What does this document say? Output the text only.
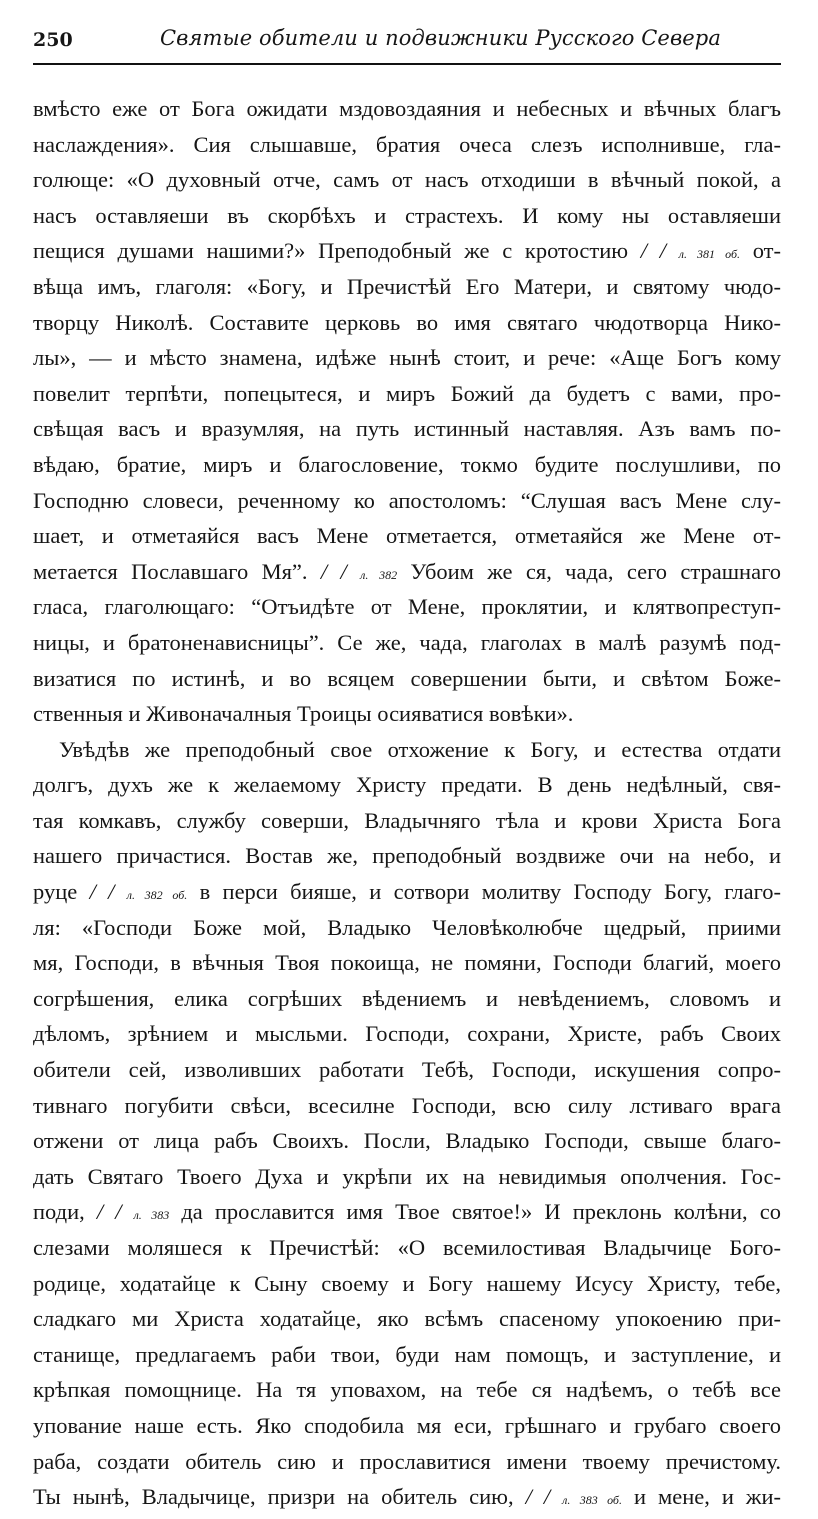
250	Святые обители и подвижники Русского Севера
вмѣсто еже от Бога ожидати мздовоздаяния и небесных и вѣчных благъ
наслаждения». Сия слышавше, братия очеса слезъ исполнивше, гла-
голюще: «О духовный отче, самъ от насъ отходиши в вѣчный покой, а
насъ оставляеши въ скорбѣхъ и страстехъ. И кому ны оставляеши
пещися душами нашими?» Преподобный же с кротостию / / л. 381 об. от-
вѣща имъ, глаголя: «Богу, и Пречистѣй Его Матери, и святому чюдо-
творцу Николѣ. Составите церковь во имя святаго чюдотворца Нико-
лы», — и мѣсто знамена, идѣже нынѣ стоит, и рече: «Аще Богъ кому
повелит терпѣти, попецытеся, и миръ Божий да будетъ с вами, про-
свѣщая васъ и вразумляя, на путь истинный наставляя. Азъ вамъ по-
вѣдаю, братие, миръ и благословение, токмо будите послушливи, по
Господню словеси, реченному ко апостоломъ: “Слушая васъ Мене слу-
шает, и отметаяйся васъ Мене отметается, отметаяйся же Мене от-
метается Пославшаго Мя”. / / л. 382 Убоим же ся, чада, сего страшнаго
гласа, глаголющаго: “Отъидѣте от Мене, проклятии, и клятвопреступ-
ницы, и братоненависницы”. Се же, чада, глаголах в малѣ разумѣ под-
визатися по истинѣ, и во всяцем совершении быти, и свѣтом Боже-
ственныя и Живоначалныя Троицы осияватися вовѣки».
Увѣдѣв же преподобный свое отхожение к Богу, и естества отдати
долгъ, духъ же к желаемому Христу предати. В день недѣлный, свя-
тая комкавъ, службу соверши, Владычняго тѣла и крови Христа Бога
нашего причастися. Востав же, преподобный воздвиже очи на небо, и
руце / / л. 382 об. в перси бияше, и сотвори молитву Господу Богу, глаго-
ля: «Господи Боже мой, Владыко Человѣколюбче щедрый, приими
мя, Господи, в вѣчныя Твоя покоища, не помяни, Господи благий, моего
согрѣшения, елика согрѣших вѣдениемъ и невѣдениемъ, словомъ и
дѣломъ, зрѣнием и мысльми. Господи, сохрани, Христе, рабъ Своих
обители сей, изволивших работати Тебѣ, Господи, искушения сопро-
тивнаго погубити свѣси, всесилне Господи, всю силу лстиваго врага
отжени от лица рабъ Своихъ. Посли, Владыко Господи, свыше благо-
дать Святаго Твоего Духа и укрѣпи их на невидимыя ополчения. Гос-
поди, / / л. 383 да прославится имя Твое святое!» И преклонь колѣни, со
слезами моляшеся к Пречистѣй: «О всемилостивая Владычице Бого-
родице, ходатайце к Сыну своему и Богу нашему Исусу Христу, тебе,
сладкаго ми Христа ходатайце, яко всѣмъ спасеному упокоению при-
станище, предлагаемъ раби твои, буди нам помощъ, и заступление, и
крѣпкая помощнице. На тя уповахом, на тебе ся надѣемъ, о тебѣ все
упование наше есть. Яко сподобила мя еси, грѣшнаго и грубаго своего
раба, создати обитель сию и прославитися имени твоему пречистому.
Ты нынѣ, Владычице, призри на обитель сию, / / л. 383 об. и мене, и жи-
